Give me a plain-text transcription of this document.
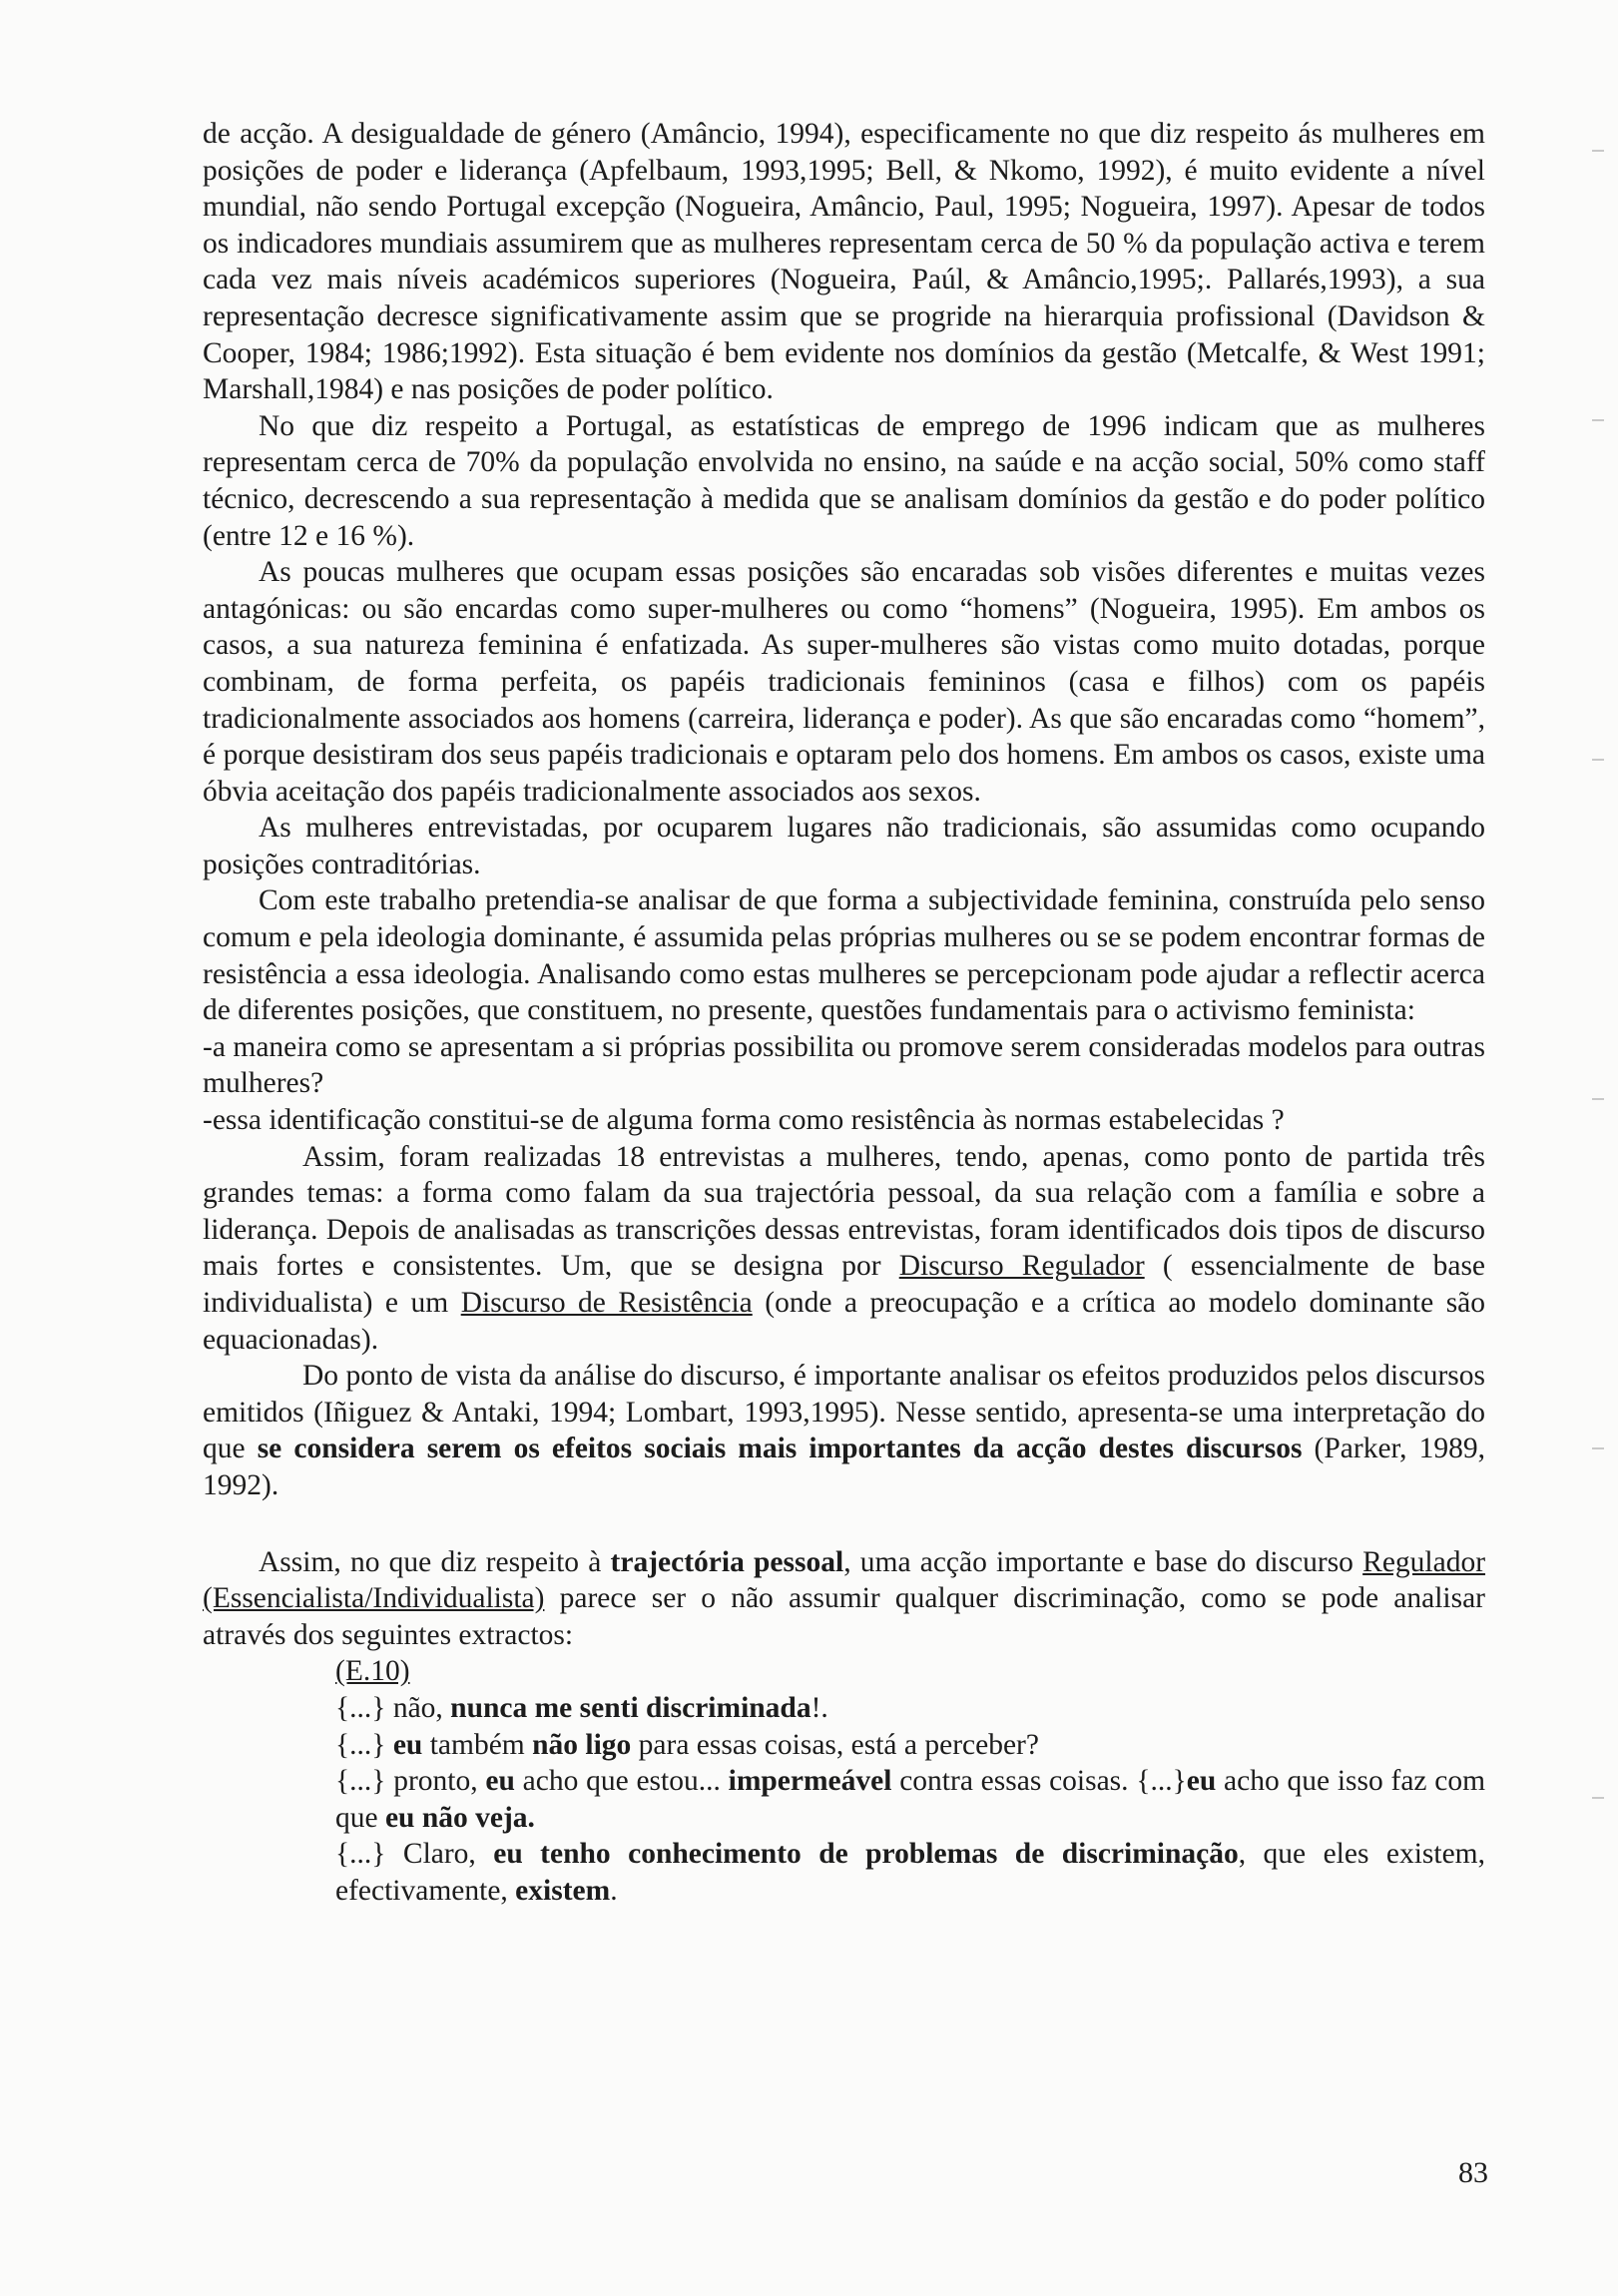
de acção. A desigualdade de género (Amâncio, 1994), especificamente no que diz respeito ás mulheres em posições de poder e liderança (Apfelbaum, 1993,1995; Bell, & Nkomo, 1992), é muito evidente a nível mundial, não sendo Portugal excepção (Nogueira, Amâncio, Paul, 1995; Nogueira, 1997). Apesar de todos os indicadores mundiais assumirem que as mulheres representam cerca de 50 % da população activa e terem cada vez mais níveis académicos superiores (Nogueira, Paúl, & Amâncio,1995;. Pallarés,1993), a sua representação decresce significativamente assim que se progride na hierarquia profissional (Davidson & Cooper, 1984; 1986;1992). Esta situação é bem evidente nos domínios da gestão (Metcalfe, & West 1991; Marshall,1984) e nas posições de poder político.

No que diz respeito a Portugal, as estatísticas de emprego de 1996 indicam que as mulheres representam cerca de 70% da população envolvida no ensino, na saúde e na acção social, 50% como staff técnico, decrescendo a sua representação à medida que se analisam domínios da gestão e do poder político (entre 12 e 16 %).

As poucas mulheres que ocupam essas posições são encaradas sob visões diferentes e muitas vezes antagónicas: ou são encardas como super-mulheres ou como “homens” (Nogueira, 1995). Em ambos os casos, a sua natureza feminina é enfatizada. As super-mulheres são vistas como muito dotadas, porque combinam, de forma perfeita, os papéis tradicionais femininos (casa e filhos) com os papéis tradicionalmente associados aos homens (carreira, liderança e poder). As que são encaradas como “homem”, é porque desistiram dos seus papéis tradicionais e optaram pelo dos homens. Em ambos os casos, existe uma óbvia aceitação dos papéis tradicionalmente associados aos sexos.

As mulheres entrevistadas, por ocuparem lugares não tradicionais, são assumidas como ocupando posições contraditórias.

Com este trabalho pretendia-se analisar de que forma a subjectividade feminina, construída pelo senso comum e pela ideologia dominante, é assumida pelas próprias mulheres ou se se podem encontrar formas de resistência a essa ideologia. Analisando como estas mulheres se percepcionam pode ajudar a reflectir acerca de diferentes posições, que constituem, no presente, questões fundamentais para o activismo feminista:

-a maneira como se apresentam a si próprias possibilita ou promove serem consideradas modelos para outras mulheres?

-essa identificação constitui-se de alguma forma como resistência às normas estabelecidas ?

Assim, foram realizadas 18 entrevistas a mulheres, tendo, apenas, como ponto de partida três grandes temas: a forma como falam da sua trajectória pessoal, da sua relação com a família e sobre a liderança. Depois de analisadas as transcrições dessas entrevistas, foram identificados dois tipos de discurso mais fortes e consistentes. Um, que se designa por Discurso Regulador ( essencialmente de base individualista) e um Discurso de Resistência (onde a preocupação e a crítica ao modelo dominante são equacionadas).

Do ponto de vista da análise do discurso, é importante analisar os efeitos produzidos pelos discursos emitidos (Iñiguez & Antaki, 1994; Lombart, 1993,1995). Nesse sentido, apresenta-se uma interpretação do que se considera serem os efeitos sociais mais importantes da acção destes discursos (Parker, 1989, 1992).

Assim, no que diz respeito à trajectória pessoal, uma acção importante e base do discurso Regulador (Essencialista/Individualista) parece ser o não assumir qualquer discriminação, como se pode analisar através dos seguintes extractos:

(E.10)

{...} não, nunca me senti discriminada!.

{...} eu também não ligo para essas coisas, está a perceber?

{...} pronto, eu acho que estou... impermeável contra essas coisas. {...}eu acho que isso faz com que eu não veja.

{...} Claro, eu tenho conhecimento de problemas de discriminação, que eles existem, efectivamente, existem.

83
